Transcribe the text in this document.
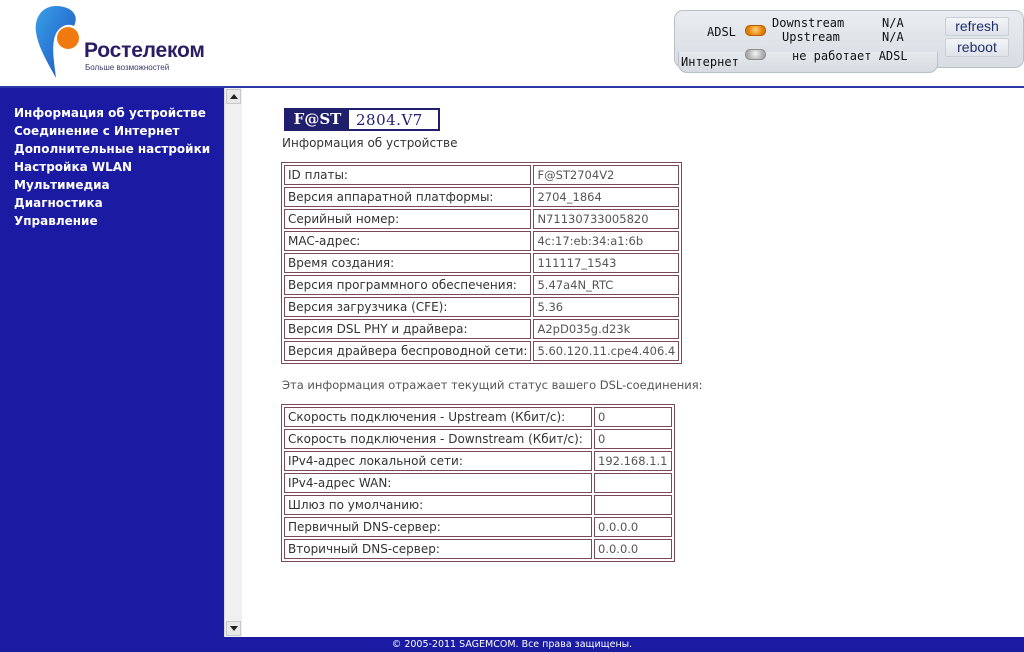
Ростелеком
Больше возможностей
ADSL
Downstream	N/A
Upstream	N/A
Интернет	не работает ADSL
refresh
reboot
Информация об устройстве
Соединение с Интернет
Дополнительные настройки
Настройка WLAN
Мультимедиа
Диагностика
Управление
F@ST 2804.V7
Информация об устройстве
ID платы:	F@ST2704V2
Версия аппаратной платформы:	2704_1864
Серийный номер:	N71130733005820
MAC-адрес:	4c:17:eb:34:a1:6b
Время создания:	111117_1543
Версия программного обеспечения:	5.47a4N_RTC
Версия загрузчика (CFE):	5.36
Версия DSL PHY и драйвера:	A2pD035g.d23k
Версия драйвера беспроводной сети:	5.60.120.11.cpe4.406.4
Эта информация отражает текущий статус вашего DSL-соединения:
Скорость подключения - Upstream (Кбит/с):	0
Скорость подключения - Downstream (Кбит/с):	0
IPv4-адрес локальной сети:	192.168.1.1
IPv4-адрес WAN:	
Шлюз по умолчанию:	
Первичный DNS-сервер:	0.0.0.0
Вторичный DNS-сервер:	0.0.0.0
© 2005-2011 SAGEMCOM. Все права защищены.
